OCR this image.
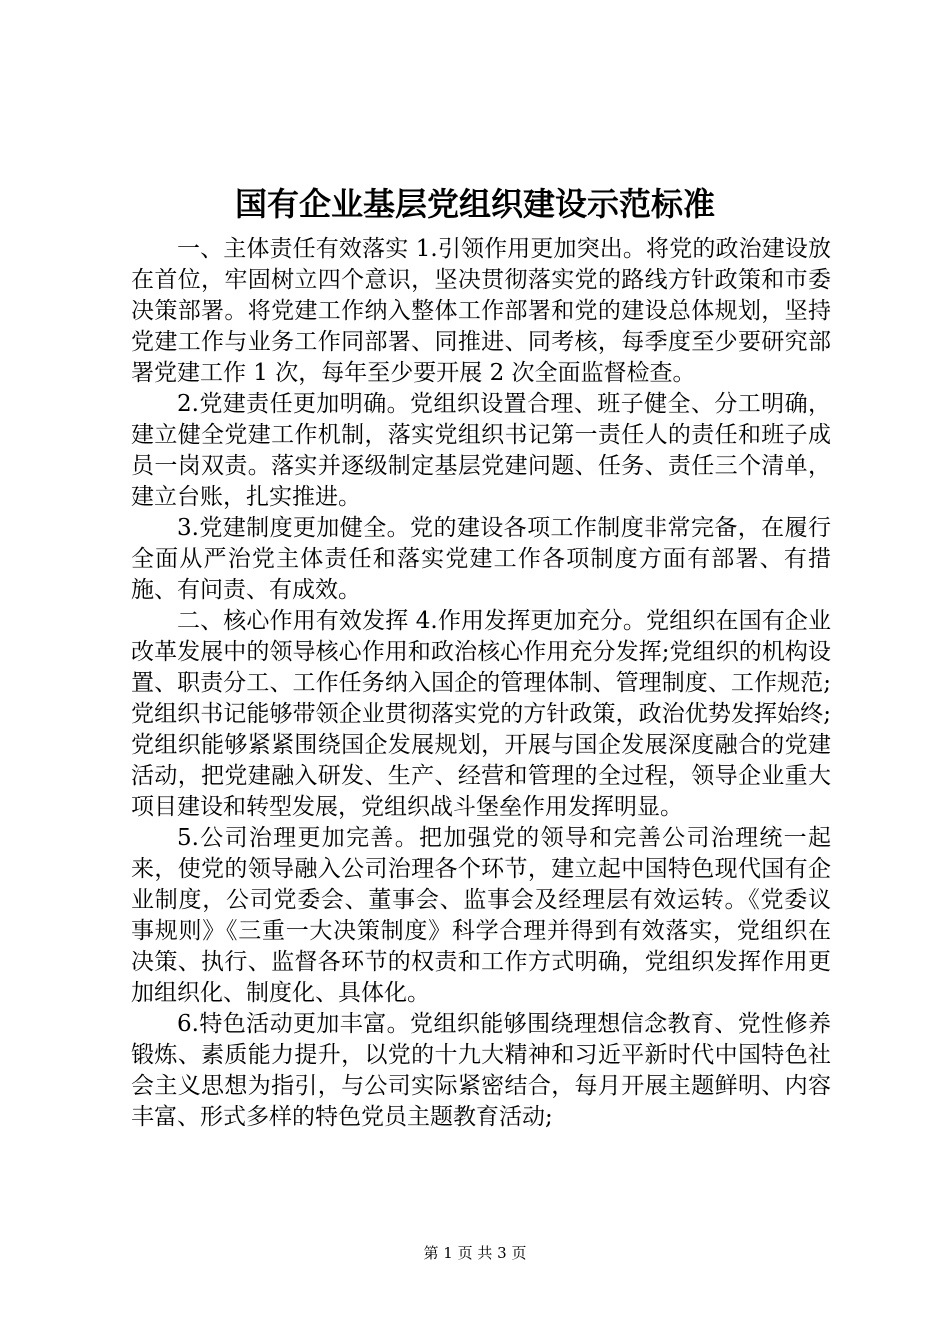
国有企业基层党组织建设示范标准

一、主体责任有效落实 1.引领作用更加突出。将党的政治建设放在首位，牢固树立四个意识，坚决贯彻落实党的路线方针政策和市委决策部署。将党建工作纳入整体工作部署和党的建设总体规划，坚持党建工作与业务工作同部署、同推进、同考核，每季度至少要研究部署党建工作 1 次，每年至少要开展 2 次全面监督检查。

2.党建责任更加明确。党组织设置合理、班子健全、分工明确，建立健全党建工作机制，落实党组织书记第一责任人的责任和班子成员一岗双责。落实并逐级制定基层党建问题、任务、责任三个清单，建立台账，扎实推进。

3.党建制度更加健全。党的建设各项工作制度非常完备，在履行全面从严治党主体责任和落实党建工作各项制度方面有部署、有措施、有问责、有成效。

二、核心作用有效发挥 4.作用发挥更加充分。党组织在国有企业改革发展中的领导核心作用和政治核心作用充分发挥;党组织的机构设置、职责分工、工作任务纳入国企的管理体制、管理制度、工作规范;党组织书记能够带领企业贯彻落实党的方针政策，政治优势发挥始终;党组织能够紧紧围绕国企发展规划，开展与国企发展深度融合的党建活动，把党建融入研发、生产、经营和管理的全过程，领导企业重大项目建设和转型发展，党组织战斗堡垒作用发挥明显。

5.公司治理更加完善。把加强党的领导和完善公司治理统一起来，使党的领导融入公司治理各个环节，建立起中国特色现代国有企业制度，公司党委会、董事会、监事会及经理层有效运转。《党委议事规则》《三重一大决策制度》科学合理并得到有效落实，党组织在决策、执行、监督各环节的权责和工作方式明确，党组织发挥作用更加组织化、制度化、具体化。

6.特色活动更加丰富。党组织能够围绕理想信念教育、党性修养锻炼、素质能力提升，以党的十九大精神和习近平新时代中国特色社会主义思想为指引，与公司实际紧密结合，每月开展主题鲜明、内容丰富、形式多样的特色党员主题教育活动;

第 1 页 共 3 页
